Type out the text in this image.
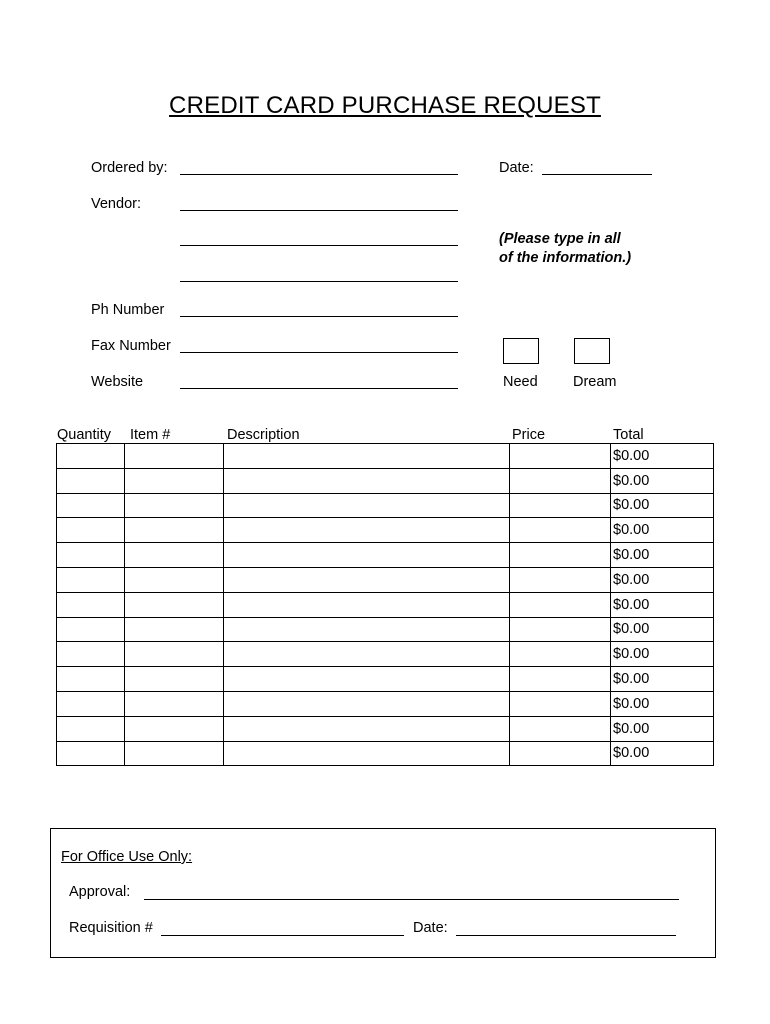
CREDIT CARD PURCHASE REQUEST
Ordered by:	Date:
Vendor:
(Please type in all
of the information.)
Ph Number
Fax Number
Website	Need Dream
Quantity Item #	Description	Price	Total
				$0.00
				$0.00
				$0.00
				$0.00
				$0.00
				$0.00
				$0.00
				$0.00
				$0.00
				$0.00
				$0.00
				$0.00
				$0.00
For Office Use Only:
Approval:
Requisition #	Date:
